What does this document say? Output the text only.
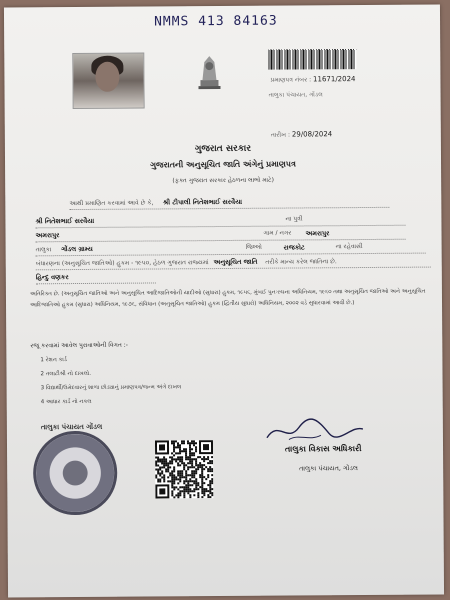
NMMS 413 84163
પ્રમાણપત્ર નંબર : 11671/2024
તાલુકા પંચાયત, ગોંડલ
તારીખ : 29/08/2024
ગુજરાત સરકાર
ગુજરાતની અનુસૂચિત જાતિ અંગેનું પ્રમાણપત્ર
(ફક્ત ગુજરાત સરકાર હેઠળના લાભો માટે)
આથી પ્રમાણિત કરવામાં આવે છે કે, શ્રી ટીપાલી નિતેશભાઈ સરવૈયા
શ્રી નિતેશભાઈ સરવૈયા	ના પુત્રી
અમરાપુર	ગામ / નગર અમરાપુર
તાલુકા ગોંડલ ગ્રામ્ય	જિલ્લો	રાજકોટ	ના રહેવાસી
બંધારણના (અનુસૂચિત જાતિઓ) હુકમ - ૧૯૫૦, હેઠળ ગુજરાત રાજ્યમાં અનુસૂચિત જાતિ તરીકે માન્ય કરેલ જાતિના છે.
હિન્દુ વણકર
અતિરિક્ત છે. (અનુસૂચિત જાતિઓ અને અનુસૂચિત આદિજાતિઓની યાદીઓ (સુધારા) હુકમ, ૧૯૫૬, મુંબઈ પુનઃરચના અધિનિયમ, ૧૯૬૦ તથા અનુસૂચિત જાતિઓ અને અનુસૂચિત આદિજાતિઓ હુકમ (સુધારા) અધિનિયમ, ૧૯૭૬, સંવિધાન (અનુસૂચિત જાતિઓ) હુકમ (દ્વિતીય સુધારો) અધિનિયમ, ૨૦૦૨ વડે સુધારવામાં આવી છે.)
રજૂ કરવામાં આવેલ પુરાવાઓની વિગત :-
1 રેશન કાર્ડ
2 તલાટીશ્રી નો દાખલો.
3 વિદ્યાર્થી/ઉમેદવારનું શાળા છોડ્યાનું પ્રમાણપત્ર/જન્મ અંગે દાખલ
4 આધાર કાર્ડ નો નકલ
તાલુકા પંચાયત ગોંડલ
તાલુકા વિકાસ અધિકારી
તાલુકા પંચાયત, ગોંડલ
